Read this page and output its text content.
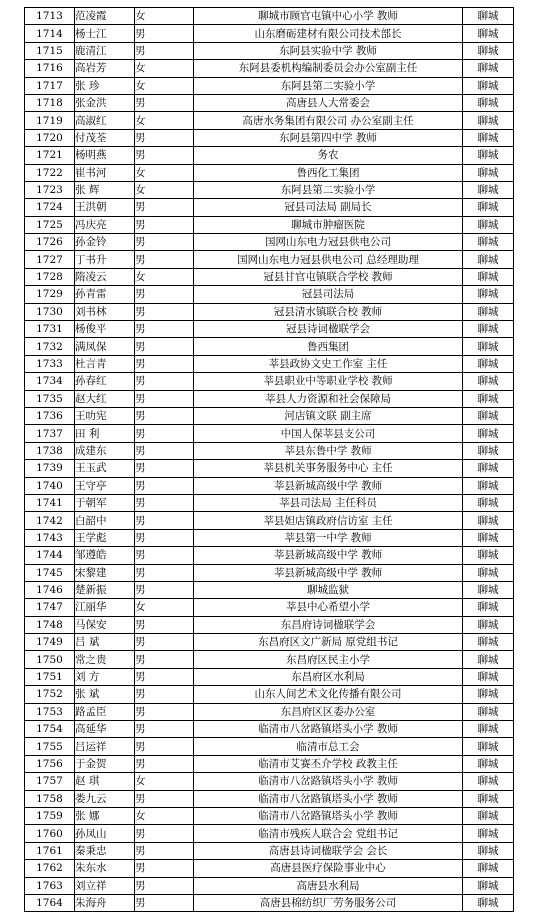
1713	范凌霞	女	聊城市顾官屯镇中心小学 教师	聊城
1714	杨士江	男	山东磨砺建材有限公司技术部长	聊城
1715	鹿清江	男	东阿县实验中学 教师	聊城
1716	高岩芳	女	东阿县委机构编制委员会办公室副主任	聊城
1717	张 珍	女	东阿县第二实验小学	聊城
1718	张金洪	男	高唐县人大常委会	聊城
1719	高淑红	女	高唐水务集团有限公司 办公室副主任	聊城
1720	付茂荃	男	东阿县第四中学 教师	聊城
1721	杨明燕	男	务农	聊城
1722	崔书河	女	鲁西化工集团	聊城
1723	张 辉	女	东阿县第二实验小学	聊城
1724	王洪朝	男	冠县司法局 副局长	聊城
1725	冯庆亮	男	聊城市肿瘤医院	聊城
1726	孙金铃	男	国网山东电力冠县供电公司	聊城
1727	丁书升	男	国网山东电力冠县供电公司 总经理助理	聊城
1728	隋凌云	女	冠县甘官屯镇联合学校 教师	聊城
1729	孙青雷	男	冠县司法局	聊城
1730	刘书林	男	冠县清水镇联合校 教师	聊城
1731	杨俊平	男	冠县诗词楹联学会	聊城
1732	满凤保	男	鲁西集团	聊城
1733	杜言青	男	莘县政协文史工作室 主任	聊城
1734	孙春红	男	莘县职业中等职业学校 教师	聊城
1735	赵大红	男	莘县人力资源和社会保障局	聊城
1736	王叻宪	男	河店镇文联 副主席	聊城
1737	田 利	男	中国人保莘县支公司	聊城
1738	成建东	男	莘县东鲁中学 教师	聊城
1739	王玉武	男	莘县机关事务服务中心 主任	聊城
1740	王守亭	男	莘县新城高级中学 教师	聊城
1741	于朝军	男	莘县司法局 主任科员	聊城
1742	白韶中	男	莘县妲店镇政府信访室 主任	聊城
1743	王学彪	男	莘县第一中学 教师	聊城
1744	邹遵皓	男	莘县新城高级中学 教师	聊城
1745	宋黎建	男	莘县新城高级中学 教师	聊城
1746	楚新振	男	聊城监狱	聊城
1747	江丽华	女	莘县中心希望小学	聊城
1748	马保安	男	东昌府诗词楹联学会	聊城
1749	吕 斌	男	东昌府区文广新局 原党组书记	聊城
1750	常之贵	男	东昌府区民主小学	聊城
1751	刘 方	男	东昌府区水利局	聊城
1752	张 斌	男	山东人间艺术文化传播有限公司	聊城
1753	路孟臣	男	东昌府区区委办公室	聊城
1754	高延华	男	临清市八岔路镇塔头小学 教师	聊城
1755	吕运祥	男	临清市总工会	聊城
1756	于金贺	男	临清市艾赛丕介学校 政教主任	聊城
1757	赵 琪	女	临清市八岔路镇塔头小学 教师	聊城
1758	娄九云	男	临清市八岔路镇塔头小学 教师	聊城
1759	张 娜	女	临清市八岔路镇塔头小学 教师	聊城
1760	孙凤山	男	临清市残疾人联合会 党组书记	聊城
1761	秦秉忠	男	高唐县诗词楹联学会 会长	聊城
1762	朱东水	男	高唐县医疗保险事业中心	聊城
1763	刘立祥	男	高唐县水利局	聊城
1764	朱海舟	男	高唐县棉纺织厂劳务服务公司	聊城
